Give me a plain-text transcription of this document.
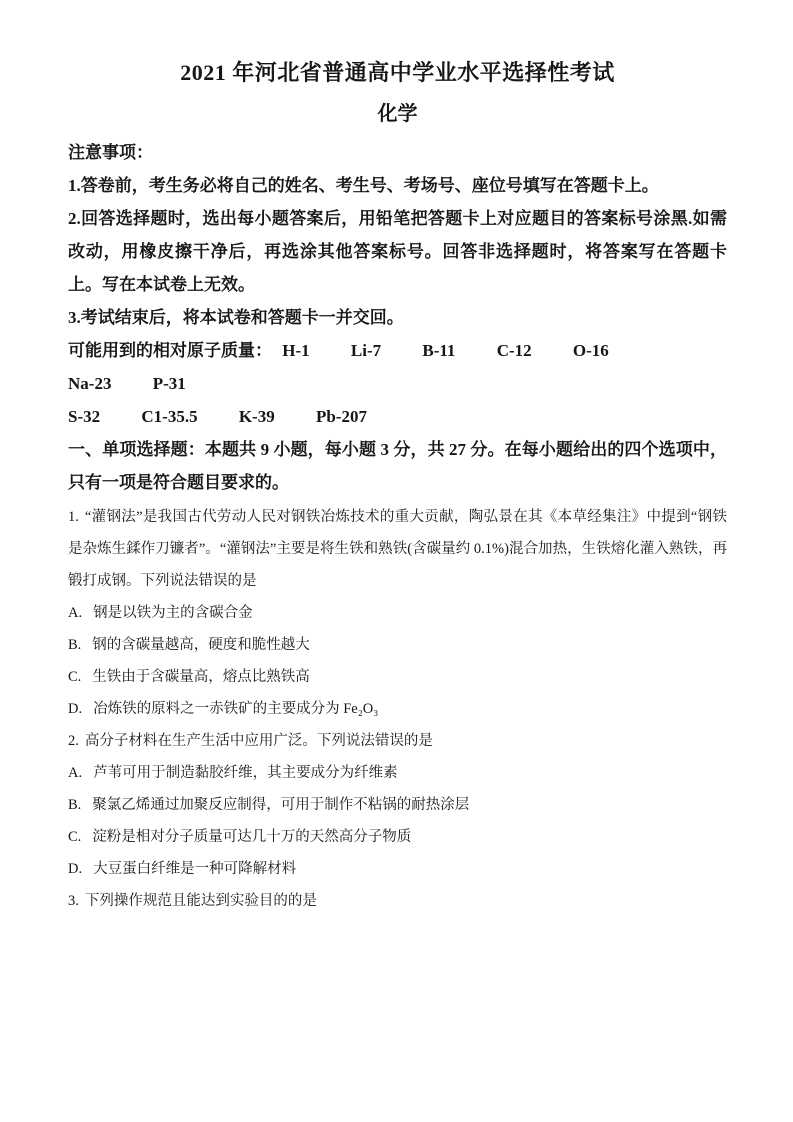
2021 年河北省普通高中学业水平选择性考试
化学

注意事项：

1.答卷前，考生务必将自己的姓名、考生号、考场号、座位号填写在答题卡上。

2.回答选择题时，选出每小题答案后，用铅笔把答题卡上对应题目的答案标号涂黑.如需改动，用橡皮擦干净后，再选涂其他答案标号。回答非选择题时，将答案写在答题卡上。写在本试卷上无效。

3.考试结束后，将本试卷和答题卡一并交回。

可能用到的相对原子质量： H-1 Li-7 B-11 C-12 O-16 Na-23 P-31

S-32 C1-35.5 K-39 Pb-207

一、单项选择题：本题共 9 小题，每小题 3 分，共 27 分。在每小题给出的四个选项中，只有一项是符合题目要求的。

1. “灌钢法”是我国古代劳动人民对钢铁冶炼技术的重大贡献，陶弘景在其《本草经集注》中提到“钢铁是杂炼生鍒作刀镰者”。“灌钢法”主要是将生铁和熟铁(含碳量约 0.1%)混合加热，生铁熔化灌入熟铁，再锻打成钢。下列说法错误的是

A. 钢是以铁为主的含碳合金

B. 钢的含碳量越高，硬度和脆性越大

C. 生铁由于含碳量高，熔点比熟铁高

D. 冶炼铁的原料之一赤铁矿的主要成分为 Fe₂O₃

2. 高分子材料在生产生活中应用广泛。下列说法错误的是

A. 芦苇可用于制造黏胶纤维，其主要成分为纤维素

B. 聚氯乙烯通过加聚反应制得，可用于制作不粘锅的耐热涂层

C. 淀粉是相对分子质量可达几十万的天然高分子物质

D. 大豆蛋白纤维是一种可降解材料

3. 下列操作规范且能达到实验目的的是
